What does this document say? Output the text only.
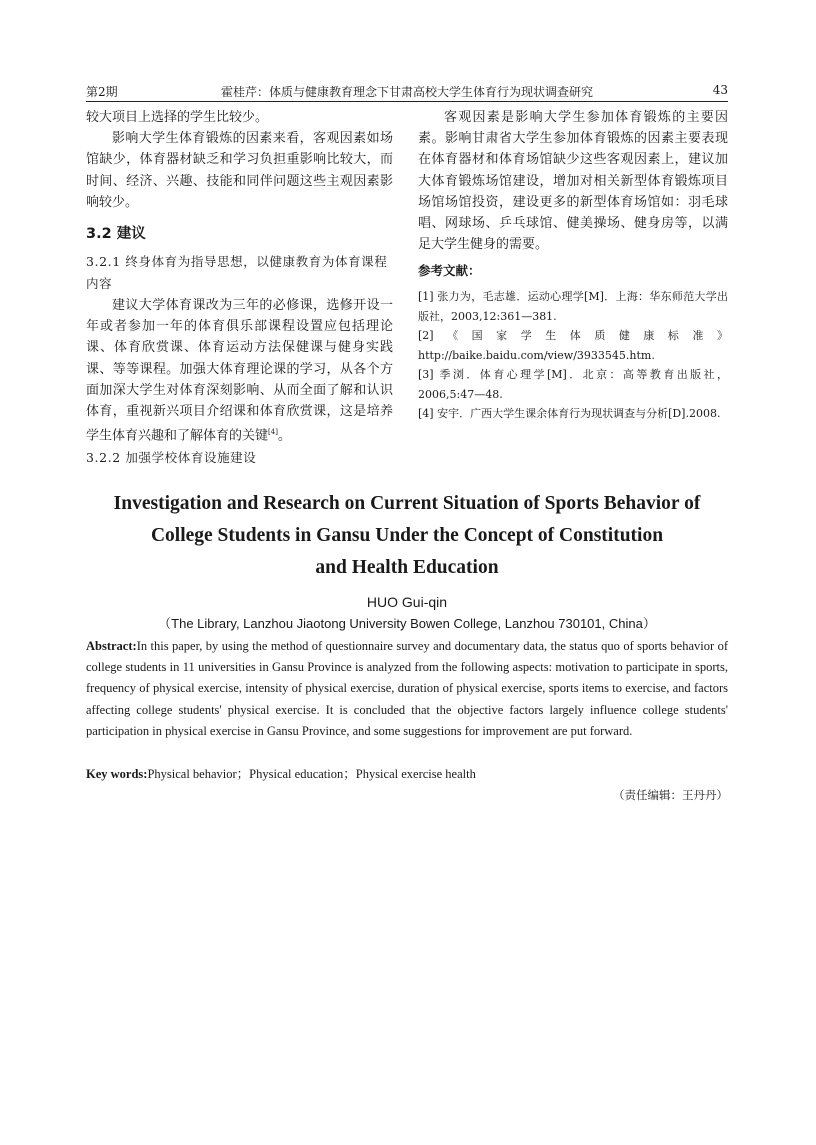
第2期	霍桂芹：体质与健康教育理念下甘肃高校大学生体育行为现状调查研究	43

较大项目上选择的学生比较少。

影响大学生体育锻炼的因素来看，客观因素如场馆缺少，体育器材缺乏和学习负担重影响比较大，而时间、经济、兴趣、技能和同伴问题这些主观因素影响较少。

3.2 建议
3.2.1 终身体育为指导思想，以健康教育为体育课程内容

建议大学体育课改为三年的必修课，选修开设一年或者参加一年的体育俱乐部课程设置应包括理论课、体育欣赏课、体育运动方法保健课与健身实践课、等等课程。加强大体育理论课的学习，从各个方面加深大学生对体育深刻影响、从而全面了解和认识体育，重视新兴项目介绍课和体育欣赏课，这是培养学生体育兴趣和了解体育的关键[4]。

3.2.2 加强学校体育设施建设

客观因素是影响大学生参加体育锻炼的主要因素。影响甘肃省大学生参加体育锻炼的因素主要表现在体育器材和体育场馆缺少这些客观因素上，建议加大体育锻炼场馆建设，增加对相关新型体育锻炼项目场馆场馆投资，建设更多的新型体育场馆如：羽毛球唱、网球场、乒乓球馆、健美操场、健身房等，以满足大学生健身的需要。

参考文献：

[1] 张力为，毛志雄．运动心理学[M]．上海：华东师范大学出版社，2003,12:361—381.

[2]《国家学生体质健康标准》http://baike.baidu.com/view/3933545.htm.

[3] 季浏．体育心理学[M]．北京：高等教育出版社，2006,5:47—48.

[4] 安宇．广西大学生课余体育行为现状调查与分析[D].2008.

Investigation and Research on Current Situation of Sports Behavior of
College Students in Gansu Under the Concept of Constitution
and Health Education
HUO Gui-qin
（The Library, Lanzhou Jiaotong University Bowen College, Lanzhou 730101, China）
Abstract:In this paper, by using the method of questionnaire survey and documentary data, the status quo of sports behavior of college students in 11 universities in Gansu Province is analyzed from the following aspects: motivation to participate in sports, frequency of physical exercise, intensity of physical exercise, duration of physical exercise, sports items to exercise, and factors affecting college students' physical exercise. It is concluded that the objective factors largely influence college students' participation in physical exercise in Gansu Province, and some suggestions for improvement are put forward.
Key words:Physical behavior；Physical education；Physical exercise health
（责任编辑：王丹丹）
